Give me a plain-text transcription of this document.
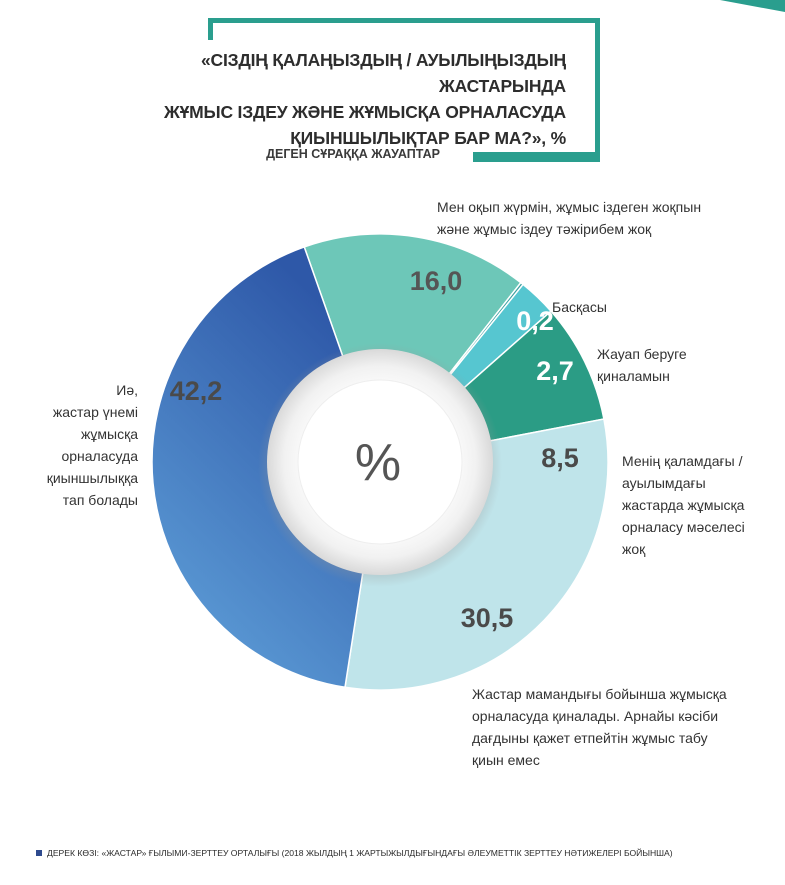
«СІЗДІҢ ҚАЛАҢЫЗДЫҢ / АУЫЛЫҢЫЗДЫҢ ЖАСТАРЫНДА
ЖҰМЫС ІЗДЕУ ЖӘНЕ ЖҰМЫСҚА ОРНАЛАСУДА
ҚИЫНШЫЛЫҚТАР БАР МА?», %
ДЕГЕН СҰРАҚҚА ЖАУАПТАР
%
16,0
0,2
2,7
8,5
30,5
42,2
Мен оқып жүрмін, жұмыс іздеген жоқпын
және жұмыс іздеу тәжірибем жоқ
Басқасы
Жауап беруге
қиналамын
Менің қаламдағы /
ауылымдағы
жастарда жұмысқа
орналасу мәселесі
жоқ
Жастар мамандығы бойынша жұмысқа
орналасуда қиналады. Арнайы кәсіби
дағдыны қажет етпейтін жұмыс табу
қиын емес
Иә,
жастар үнемі
жұмысқа
орналасуда
қиыншылыққа
тап болады
ДЕРЕК КӨЗІ: «ЖАСТАР» ҒЫЛЫМИ-ЗЕРТТЕУ ОРТАЛЫҒЫ (2018 ЖЫЛДЫҢ 1 ЖАРТЫЖЫЛДЫҒЫНДАҒЫ ӘЛЕУМЕТТІК ЗЕРТТЕУ НӘТИЖЕЛЕРІ БОЙЫНША)
